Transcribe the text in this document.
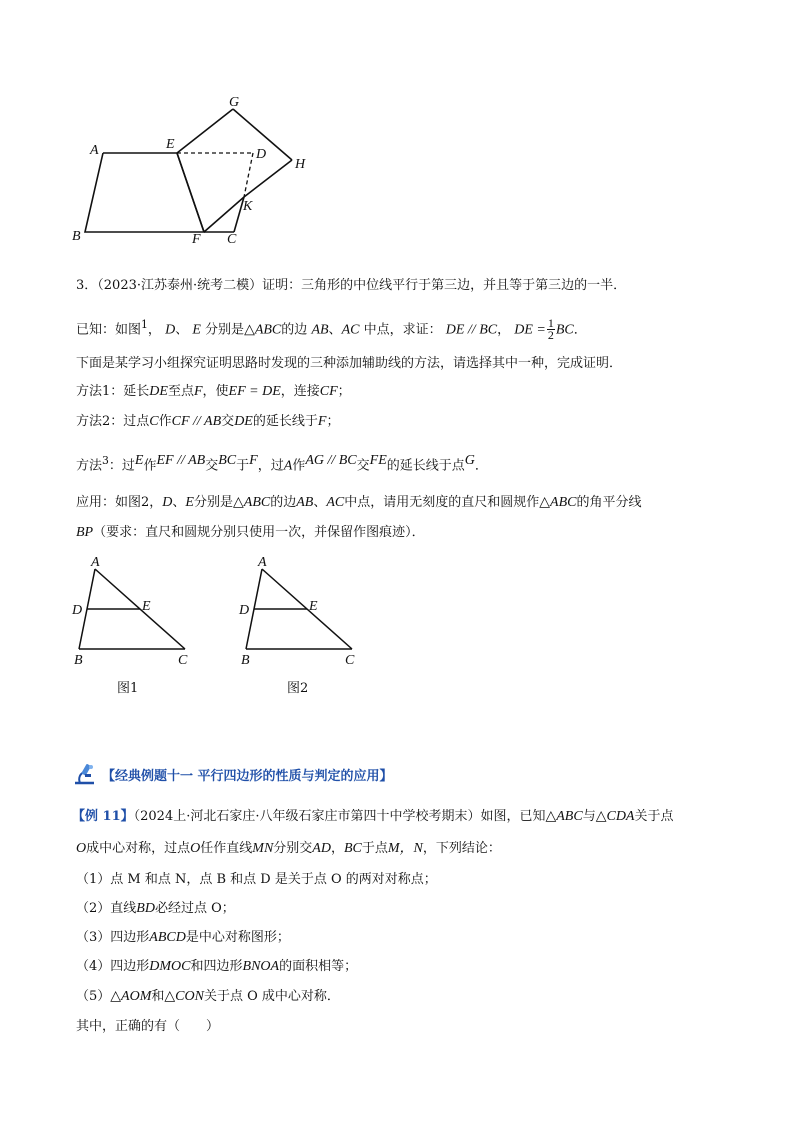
A
B	C
D
E
F
G
H
K
3．（2023·江苏泰州·统考二模）证明：三角形的中位线平行于第三边，并且等于第三边的一半．
已知：如图$^1$， D、 E 分别是△ABC的边 AB、AC 中点，求证： DE // BC， DE = $\frac{1}{2}$ BC．
下面是某学习小组探究证明思路时发现的三种添加辅助线的方法，请选择其中一种，完成证明．
方法1：延长DE至点F，使EF = DE，连接CF；
方法2：过点C作CF // AB交DE的延长线于F；
方法$^3$：过$^E$作$^{EF // AB}$交$^{BC}$于$^F$，过A作$^{AG // BC}$交$^{FE}$的延长线于点$^G$．
应用：如图2，D、E分别是△ABC的边AB、AC中点，请用无刻度的直尺和圆规作△ABC的角平分线
BP（要求：直尺和圆规分别只使用一次，并保留作图痕迹）．
A
B	C
D	E
图1
A
B	C
D	E
图2
【经典例题十一 平行四边形的性质与判定的应用】
【例 11】（2024上·河北石家庄·八年级石家庄市第四十中学校考期末）如图，已知△ABC与△CDA关于点
O成中心对称，过点O任作直线MN分别交AD，BC于点M，N，下列结论：
（1）点 M 和点 N，点 B 和点 D 是关于点 O 的两对对称点；
（2）直线BD必经过点 O；
（3）四边形ABCD是中心对称图形；
（4）四边形DMOC和四边形BNOA的面积相等；
（5）△AOM和△CON关于点 O 成中心对称．
其中，正确的有（　　）
